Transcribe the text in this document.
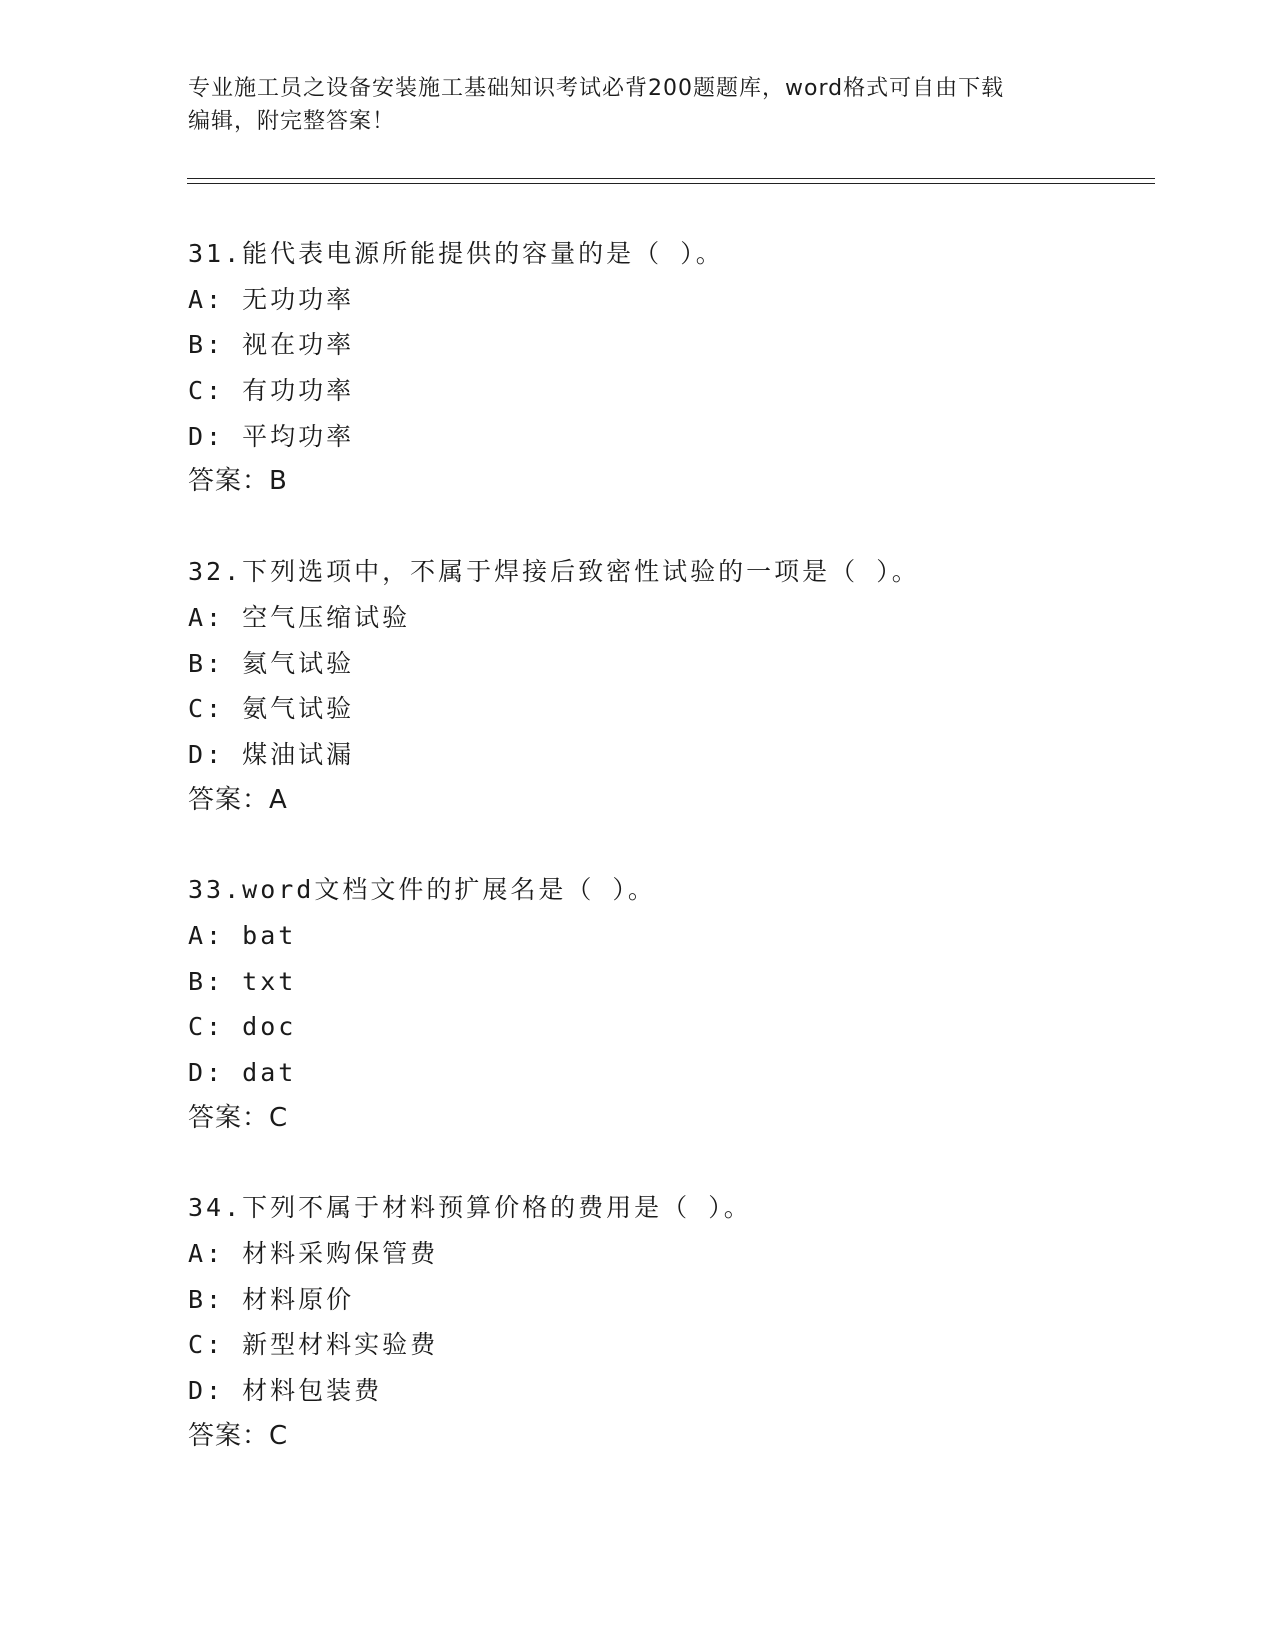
专业施工员之设备安装施工基础知识考试必背200题题库，word格式可自由下载
编辑，附完整答案！
31.能代表电源所能提供的容量的是（ ）。
A: 无功功率
B: 视在功率
C: 有功功率
D: 平均功率
答案：B
32.下列选项中，不属于焊接后致密性试验的一项是（ ）。
A: 空气压缩试验
B: 氦气试验
C: 氨气试验
D: 煤油试漏
答案：A
33.word文档文件的扩展名是（ ）。
A: bat
B: txt
C: doc
D: dat
答案：C
34.下列不属于材料预算价格的费用是（ ）。
A: 材料采购保管费
B: 材料原价
C: 新型材料实验费
D: 材料包装费
答案：C
